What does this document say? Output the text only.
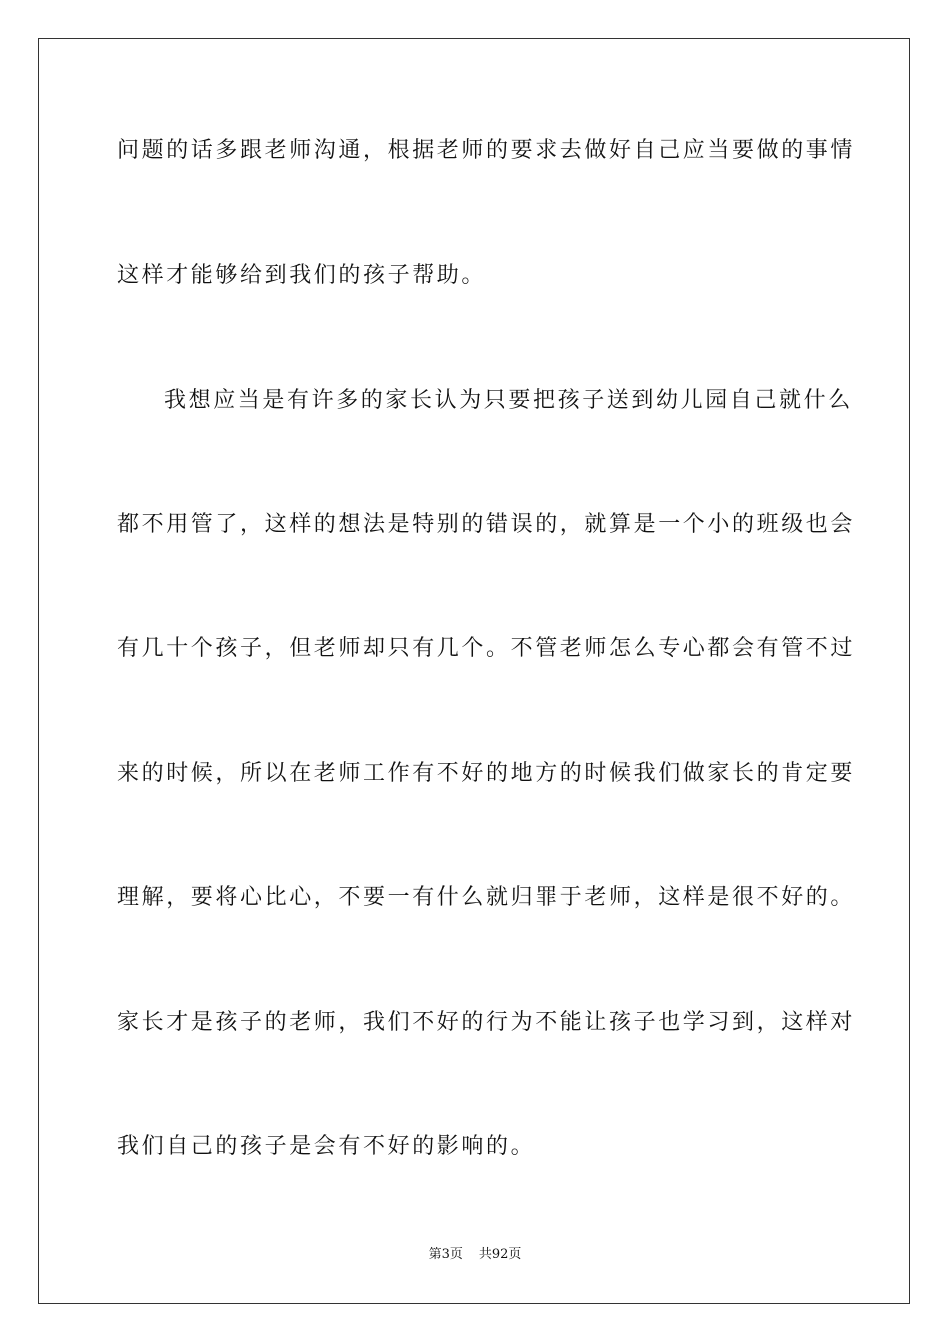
问题的话多跟老师沟通，根据老师的要求去做好自己应当要做的事情
这样才能够给到我们的孩子帮助。
我想应当是有许多的家长认为只要把孩子送到幼儿园自己就什么
都不用管了，这样的想法是特别的错误的，就算是一个小的班级也会
有几十个孩子，但老师却只有几个。不管老师怎么专心都会有管不过
来的时候，所以在老师工作有不好的地方的时候我们做家长的肯定要
理解，要将心比心，不要一有什么就归罪于老师，这样是很不好的。
家长才是孩子的老师，我们不好的行为不能让孩子也学习到，这样对
我们自己的孩子是会有不好的影响的。
第3页 共92页
